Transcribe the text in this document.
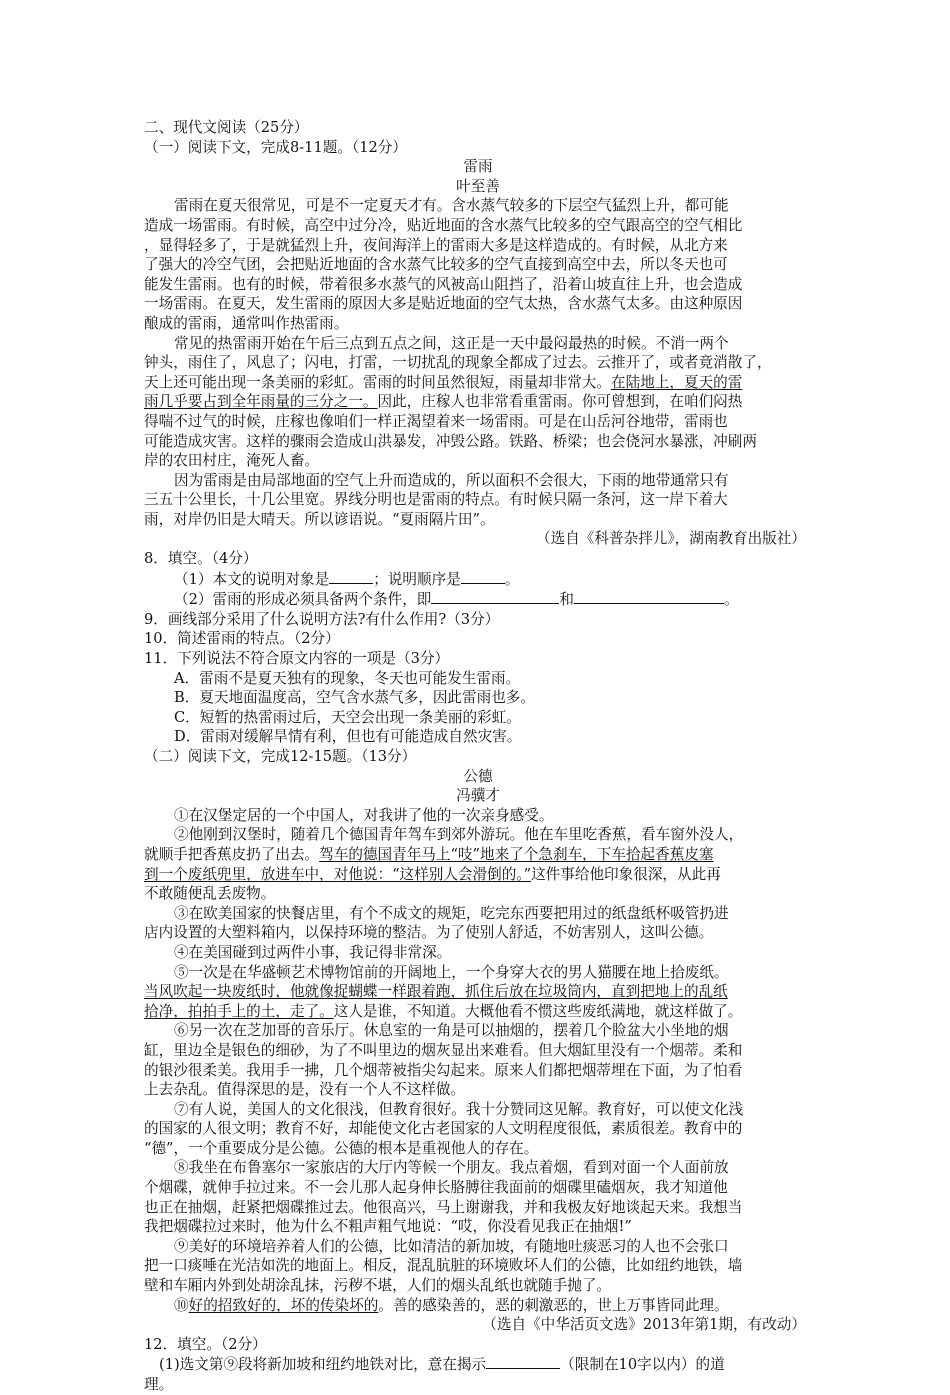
二、现代文阅读（25分）
（一）阅读下文，完成8-11题。（12分）
雷雨
叶至善
雷雨在夏天很常见，可是不一定夏天才有。含水蒸气较多的下层空气猛烈上升，都可能
造成一场雷雨。有时候，高空中过分冷，贴近地面的含水蒸气比较多的空气跟高空的空气相比
，显得轻多了，于是就猛烈上升，夜间海洋上的雷雨大多是这样造成的。有时候，从北方来
了强大的冷空气团，会把贴近地面的含水蒸气比较多的空气直接到高空中去，所以冬天也可
能发生雷雨。也有的时候，带着很多水蒸气的风被高山阻挡了，沿着山坡直往上升，也会造成
一场雷雨。在夏天，发生雷雨的原因大多是贴近地面的空气太热，含水蒸气太多。由这种原因
酿成的雷雨，通常叫作热雷雨。
常见的热雷雨开始在午后三点到五点之间，这正是一天中最闷最热的时候。不消一两个
钟头，雨住了，风息了；闪电，打雷，一切扰乱的现象全都成了过去。云推开了，或者竟消散了，
天上还可能出现一条美丽的彩虹。雷雨的时间虽然很短，雨量却非常大。在陆地上，夏天的雷
雨几乎要占到全年雨量的三分之一。因此，庄稼人也非常看重雷雨。你可曾想到，在咱们闷热
得喘不过气的时候，庄稼也像咱们一样正渴望着来一场雷雨。可是在山岳河谷地带，雷雨也
可能造成灾害。这样的骤雨会造成山洪暴发，冲毁公路。铁路、桥梁；也会侥河水暴涨，冲刷两
岸的农田村庄，淹死人畜。
因为雷雨是由局部地面的空气上升而造成的，所以面积不会很大，下雨的地带通常只有
三五十公里长，十几公里宽。界线分明也是雷雨的特点。有时候只隔一条河，这一岸下着大
雨，对岸仍旧是大晴天。所以谚语说。“夏雨隔片田”。
（选自《科普杂拌儿》，湖南教育出版社）
8．填空。（4分）
（1）本文的说明对象是	；说明顺序是	。
（2）雷雨的形成必须具备两个条件，即	和	。
9．画线部分采用了什么说明方法?有什么作用?（3分）
10．简述雷雨的特点。（2分）
11．下列说法不符合原文内容的一项是（3分）
A．雷雨不是夏天独有的现象，冬天也可能发生雷雨。
B．夏天地面温度高，空气含水蒸气多，因此雷雨也多。
C．短暂的热雷雨过后，天空会出现一条美丽的彩虹。
D．雷雨对缓解旱情有利，但也有可能造成自然灾害。
（二）阅读下文，完成12-15题。（13分）
公德
冯骥才
①在汉堡定居的一个中国人，对我讲了他的一次亲身感受。
②他刚到汉堡时，随着几个德国青年驾车到郊外游玩。他在车里吃香蕉，看车窗外没人，
就顺手把香蕉皮扔了出去。驾车的德国青年马上“吱”地来了个急刹车，下车拾起香蕉皮塞
到一个废纸兜里，放进车中，对他说：“这样别人会滑倒的。”这件事给他印象很深，从此再
不敢随便乱丢废物。
③在欧美国家的快餐店里，有个不成文的规矩，吃完东西要把用过的纸盘纸杯吸管扔进
店内设置的大塑料箱内，以保持环境的整洁。为了使别人舒适，不妨害别人，这叫公德。
④在美国碰到过两件小事，我记得非常深。
⑤一次是在华盛顿艺术博物馆前的开阔地上，一个身穿大衣的男人猫腰在地上拾废纸。
当风吹起一块废纸时，他就像捉蝴蝶一样跟着跑，抓住后放在垃圾筒内，直到把地上的乱纸
拾净，拍拍手上的土，走了。这人是谁，不知道。大概他看不惯这些废纸满地，就这样做了。
⑥另一次在芝加哥的音乐厅。休息室的一角是可以抽烟的，摆着几个脸盆大小坐地的烟
缸，里边全是银色的细砂，为了不叫里边的烟灰显出来难看。但大烟缸里没有一个烟蒂。柔和
的银沙很柔美。我用手一拂，几个烟蒂被指尖勾起来。原来人们都把烟蒂埋在下面，为了怕看
上去杂乱。值得深思的是，没有一个人不这样做。
⑦有人说，美国人的文化很浅，但教育很好。我十分赞同这见解。教育好，可以使文化浅
的国家的人很文明；教育不好，却能使文化古老国家的人文明程度很低，素质很差。教育中的
“德”，一个重要成分是公德。公德的根本是重视他人的存在。
⑧我坐在布鲁塞尔一家旅店的大厅内等候一个朋友。我点着烟，看到对面一个人面前放
个烟碟，就伸手拉过来。不一会儿那人起身伸长胳膊往我面前的烟碟里磕烟灰，我才知道他
也正在抽烟，赶紧把烟碟推过去。他很高兴，马上谢谢我，并和我极友好地谈起天来。我想当
我把烟碟拉过来时，他为什么不粗声粗气地说：“哎，你没看见我正在抽烟!”
⑨美好的环境培养着人们的公德，比如清洁的新加坡，有随地吐痰恶习的人也不会张口
把一口痰唾在光洁如洗的地面上。相反，混乱肮脏的环境败坏人们的公德，比如纽约地铁，墙
壁和车厢内外到处胡涂乱抹，污秽不堪，人们的烟头乱纸也就随手抛了。
⑩好的招致好的，坏的传染坏的。善的感染善的，恶的刺激恶的，世上万事皆同此理。
（选自《中华活页文选》2013年第1期，有改动）
12．填空。（2分）
(1)选文第⑨段将新加坡和纽约地铁对比，意在揭示	（限制在10字以内）的道
理。
